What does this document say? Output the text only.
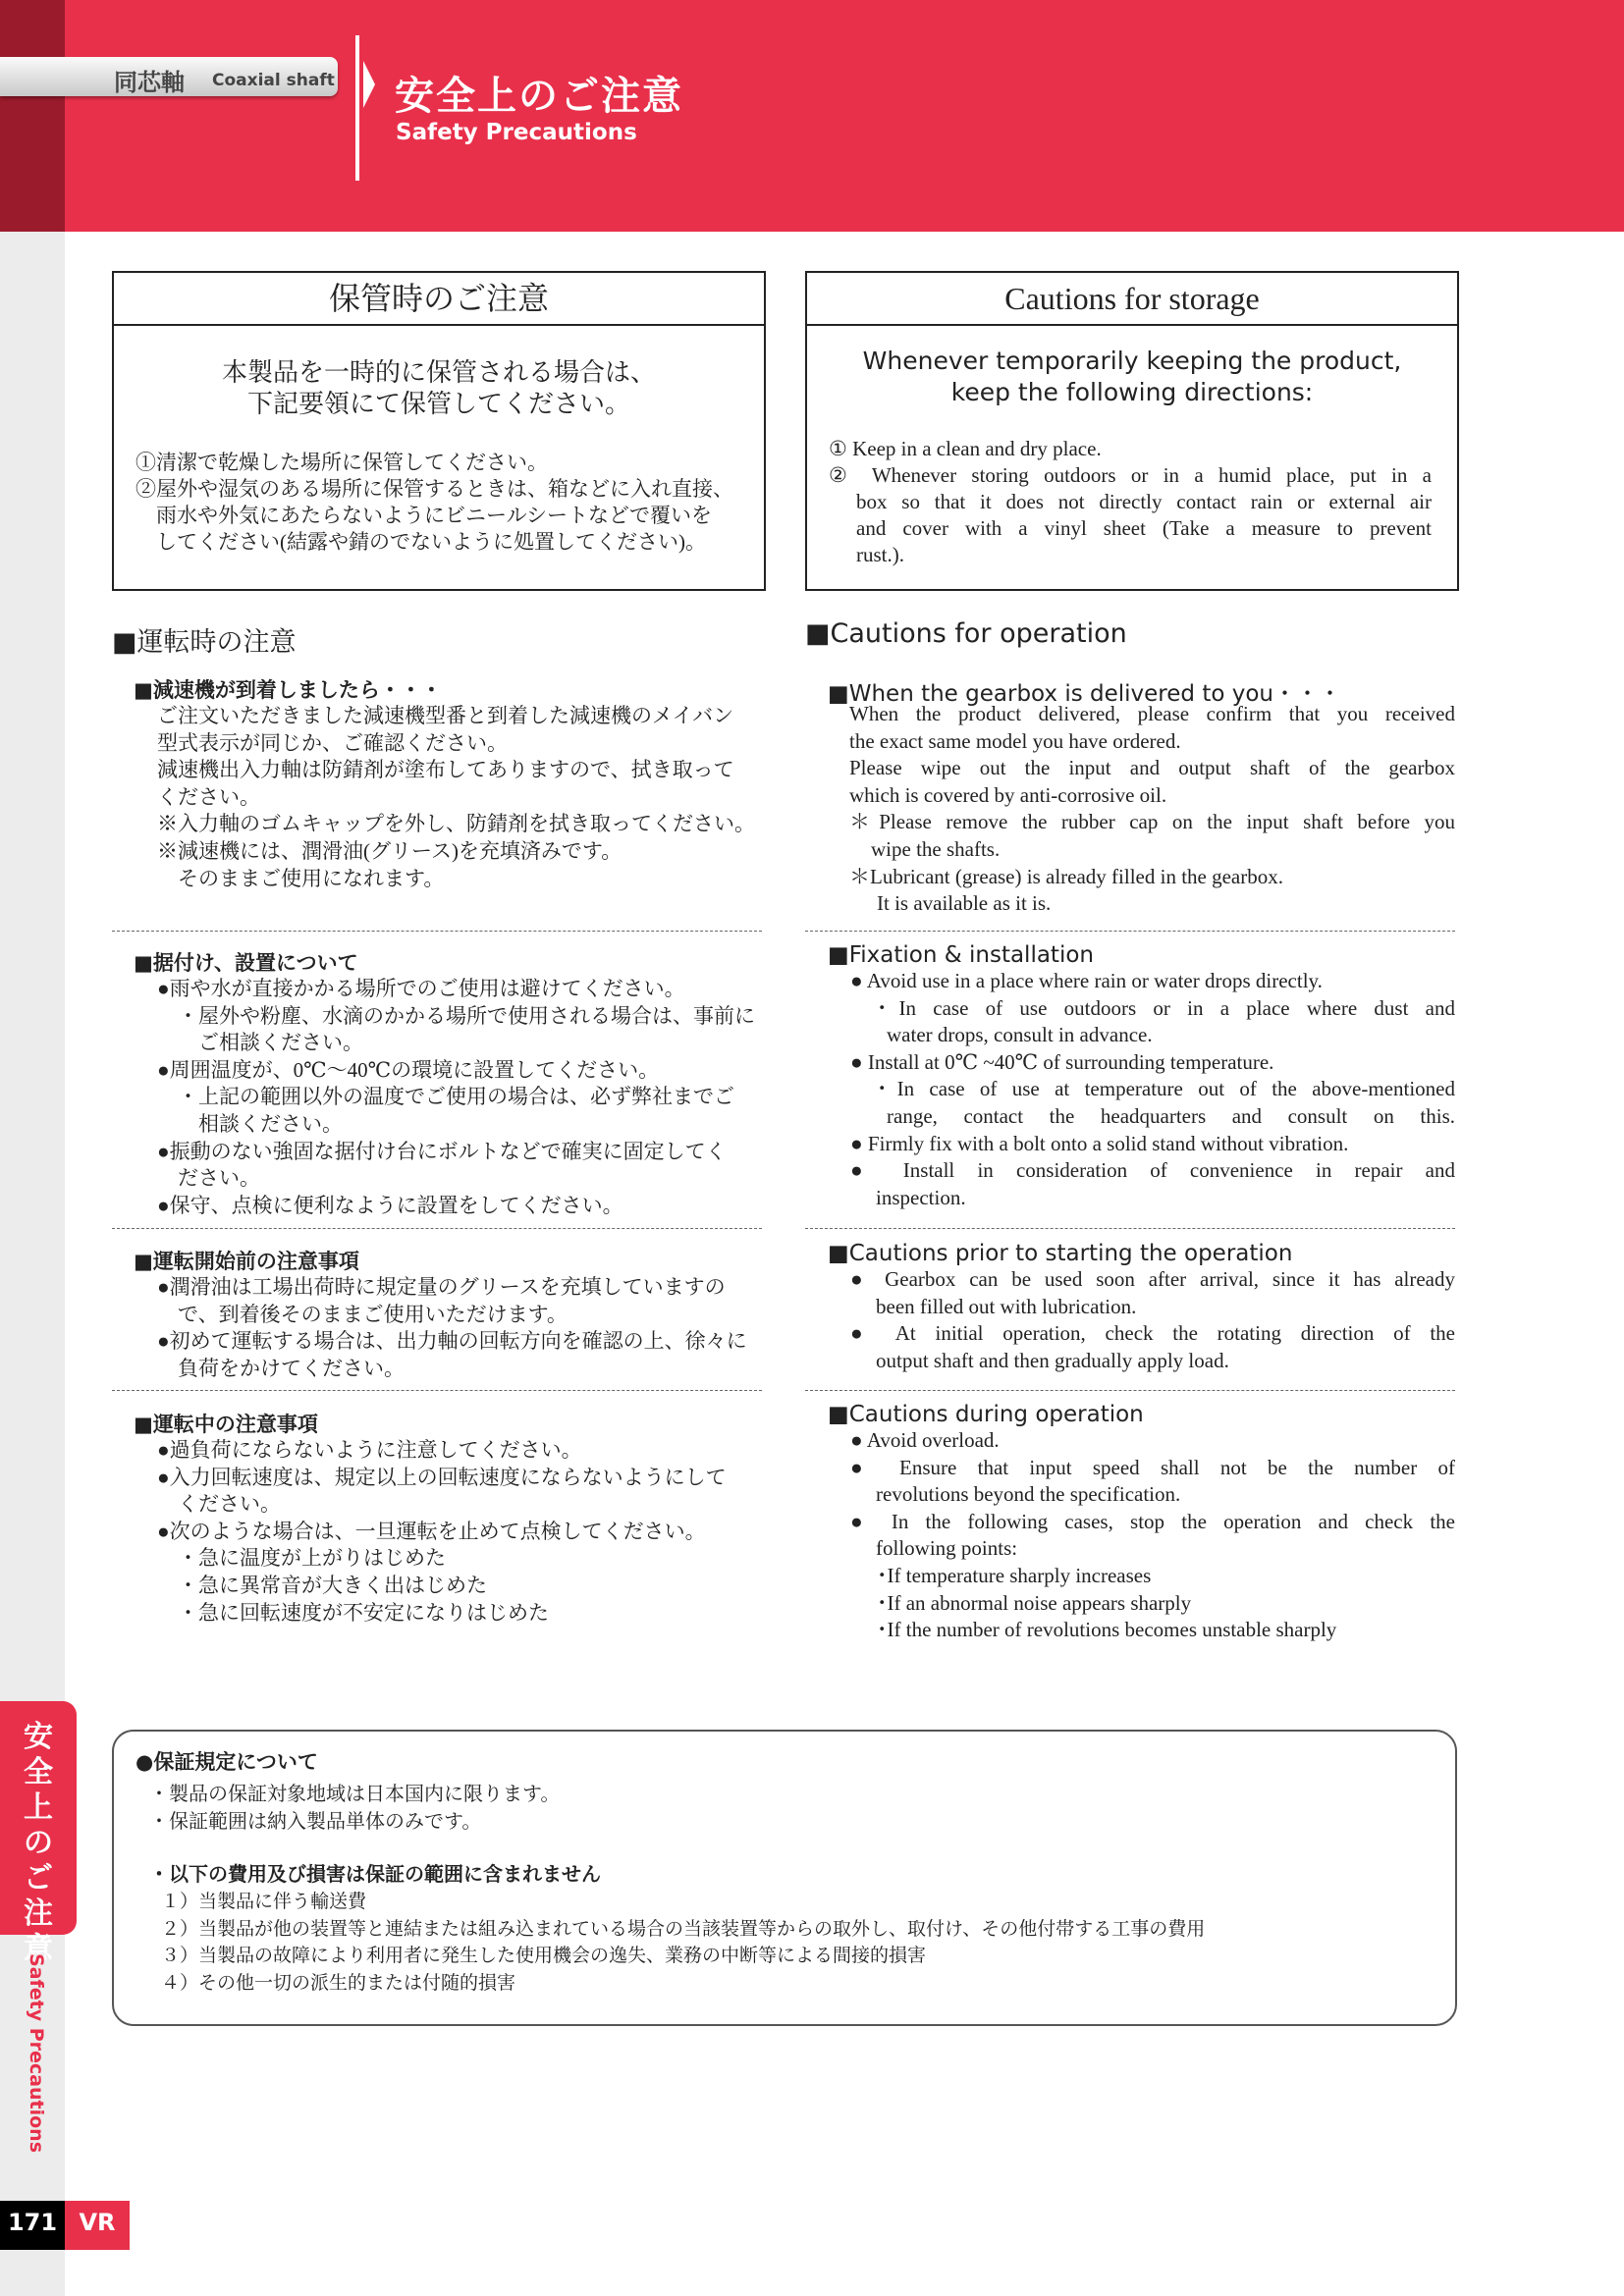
同芯軸 Coaxial shaft 安全上のご注意
Safety Precautions
保管時のご注意
本製品を一時的に保管される場合は、
下記要領にて保管してください。
①清潔で乾燥した場所に保管してください。
②屋外や湿気のある場所に保管するときは、箱などに入れ直接、
　雨水や外気にあたらないようにビニールシートなどで覆いを
　してください(結露や錆のでないように処置してください)。
Cautions for storage
Whenever temporarily keeping the product,
keep the following directions:
① Keep in a clean and dry place.
② Whenever storing outdoors or in a humid place, put in a
box so that it does not directly contact rain or external air
and cover with a vinyl sheet (Take a measure to prevent
rust.).
■運転時の注意	■Cautions for operation
●保証規定について
・製品の保証対象地域は日本国内に限ります。
・保証範囲は納入製品単体のみです。
・以下の費用及び損害は保証の範囲に含まれません
１）当製品に伴う輸送費
２）当製品が他の装置等と連結または組み込まれている場合の当該装置等からの取外し、取付け、その他付帯する工事の費用
３）当製品の故障により利用者に発生した使用機会の逸失、業務の中断等による間接的損害
４）その他一切の派生的または付随的損害
安
全
上
の
ご
注
意
Safety Precautions
171 VR
■減速機が到着しましたら・・・
ご注文いただきました減速機型番と到着した減速機のメイバン
型式表示が同じか、ご確認ください。
減速機出入力軸は防錆剤が塗布してありますので、拭き取って
ください。
※入力軸のゴムキャップを外し、防錆剤を拭き取ってください。
※減速機には、潤滑油(グリース)を充填済みです。
　そのままご使用になれます。
■据付け、設置について
●雨や水が直接かかる場所でのご使用は避けてください。
　・屋外や粉塵、水滴のかかる場所で使用される場合は、事前に
　　ご相談ください。
●周囲温度が、0℃～40℃の環境に設置してください。
　・上記の範囲以外の温度でご使用の場合は、必ず弊社までご
　　相談ください。
●振動のない強固な据付け台にボルトなどで確実に固定してく
　ださい。
●保守、点検に便利なように設置をしてください。
■運転開始前の注意事項
●潤滑油は工場出荷時に規定量のグリースを充填していますの
　で、到着後そのままご使用いただけます。
●初めて運転する場合は、出力軸の回転方向を確認の上、徐々に
　負荷をかけてください。
■運転中の注意事項
●過負荷にならないように注意してください。
●入力回転速度は、規定以上の回転速度にならないようにして
　ください。
●次のような場合は、一旦運転を止めて点検してください。
　・急に温度が上がりはじめた
　・急に異常音が大きく出はじめた
　・急に回転速度が不安定になりはじめた
■When the gearbox is delivered to you・・・
When the product delivered, please confirm that you received
the exact same model you have ordered.
Please wipe out the input and output shaft of the gearbox
which is covered by anti-corrosive oil.
＊Please remove the rubber cap on the input shaft before you
wipe the shafts.
＊Lubricant (grease) is already filled in the gearbox.
It is available as it is.
■Fixation & installation
● Avoid use in a place where rain or water drops directly.
･In case of use outdoors or in a place where dust and
water drops, consult in advance.
● Install at 0℃ ~40℃ of surrounding temperature.
･In case of use at temperature out of the above-mentioned
range, contact the headquarters and consult on this.
● Firmly fix with a bolt onto a solid stand without vibration.
● Install in consideration of convenience in repair and
inspection.
■Cautions prior to starting the operation
● Gearbox can be used soon after arrival, since it has already
been filled out with lubrication.
● At initial operation, check the rotating direction of the
output shaft and then gradually apply load.
■Cautions during operation
● Avoid overload.
● Ensure that input speed shall not be the number of
revolutions beyond the specification.
● In the following cases, stop the operation and check the
following points:
･If temperature sharply increases
･If an abnormal noise appears sharply
･If the number of revolutions becomes unstable sharply
